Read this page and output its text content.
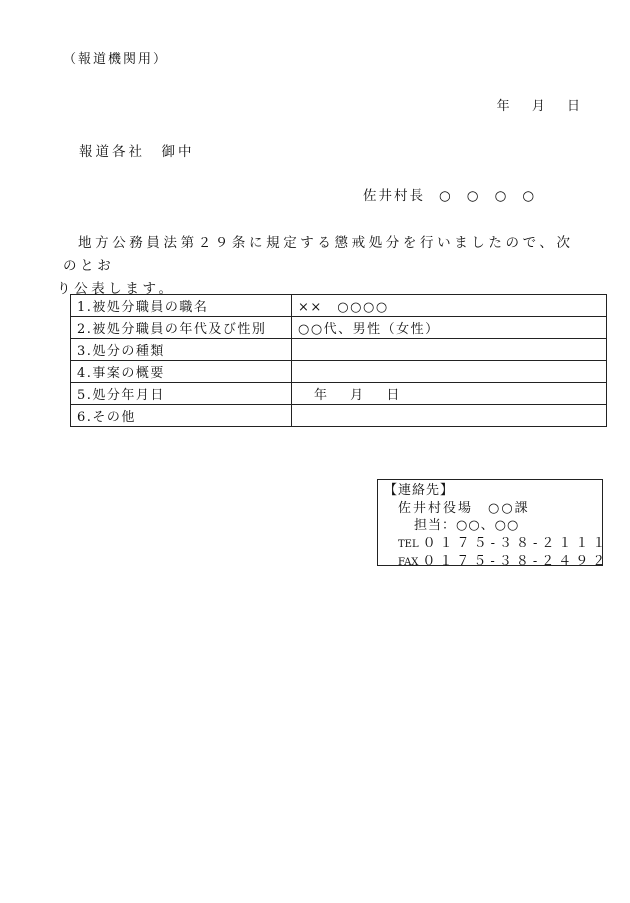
（報道機関用）
年 月 日
報道各社　御中
佐井村長 ○ ○ ○ ○
地方公務員法第２９条に規定する懲戒処分を行いましたので、次のとお
り公表します。
1.被処分職員の職名	××　○○○○
2.被処分職員の年代及び性別	○○代、男性（女性）
3.処分の種類	
4.事案の概要	
5.処分年月日	年 月 日
6.その他	
【連絡先】
佐井村役場　○○課
担当：○○、○○
TEL ０１７５-３８-２１１１
FAX ０１７５-３８-２４９２
